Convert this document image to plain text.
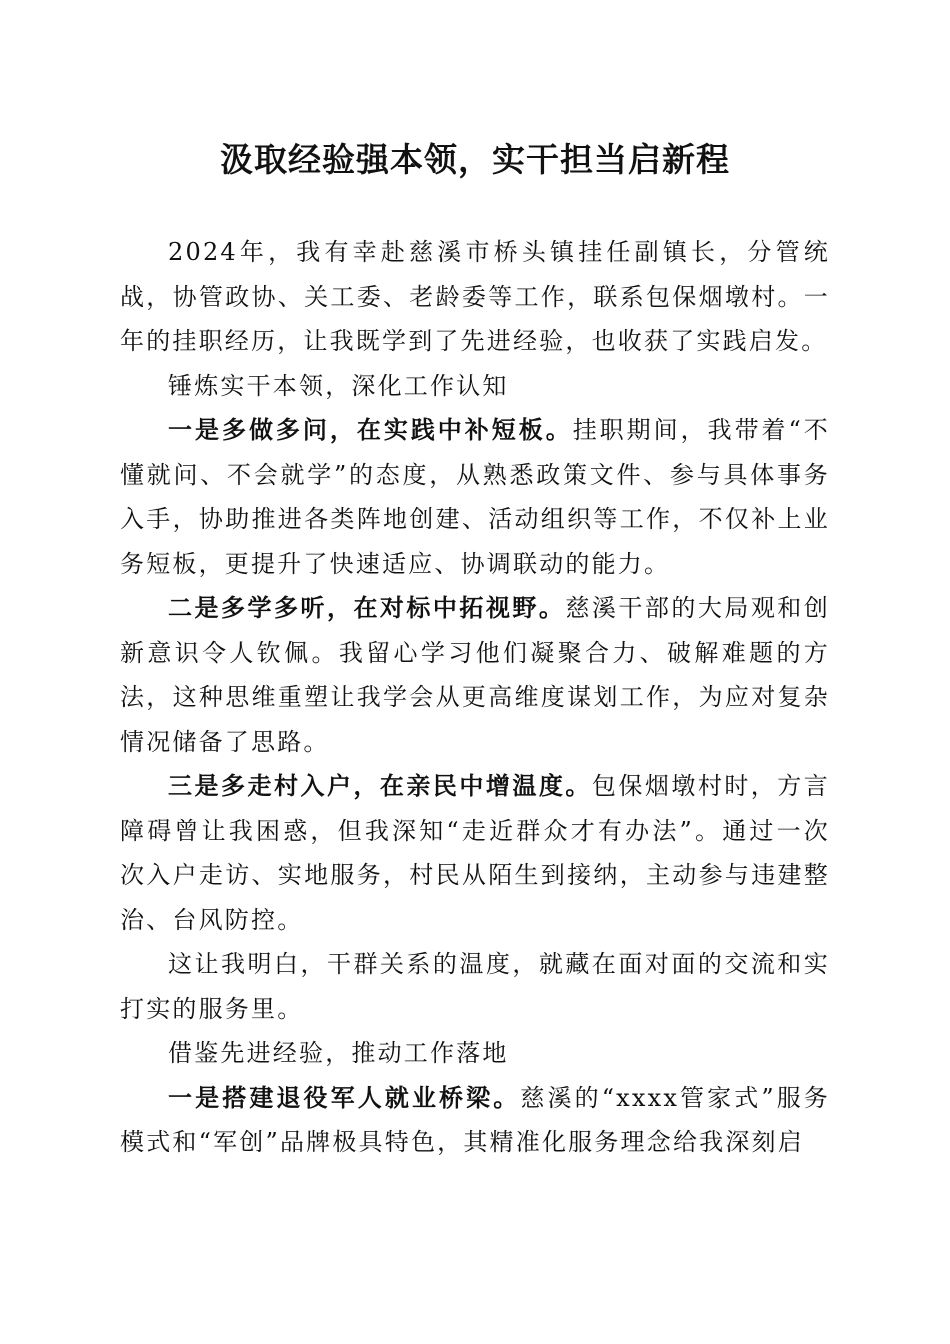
汲取经验强本领，实干担当启新程

2024年，我有幸赴慈溪市桥头镇挂任副镇长，分管统战，协管政协、关工委、老龄委等工作，联系包保烟墩村。一年的挂职经历，让我既学到了先进经验，也收获了实践启发。

锤炼实干本领，深化工作认知

一是多做多问，在实践中补短板。挂职期间，我带着“不懂就问、不会就学”的态度，从熟悉政策文件、参与具体事务入手，协助推进各类阵地创建、活动组织等工作，不仅补上业务短板，更提升了快速适应、协调联动的能力。

二是多学多听，在对标中拓视野。慈溪干部的大局观和创新意识令人钦佩。我留心学习他们凝聚合力、破解难题的方法，这种思维重塑让我学会从更高维度谋划工作，为应对复杂情况储备了思路。

三是多走村入户，在亲民中增温度。包保烟墩村时，方言障碍曾让我困惑，但我深知“走近群众才有办法”。通过一次次入户走访、实地服务，村民从陌生到接纳，主动参与违建整治、台风防控。

这让我明白，干群关系的温度，就藏在面对面的交流和实打实的服务里。

借鉴先进经验，推动工作落地

一是搭建退役军人就业桥梁。慈溪的“xxxx管家式”服务模式和“军创”品牌极具特色，其精准化服务理念给我深刻启
